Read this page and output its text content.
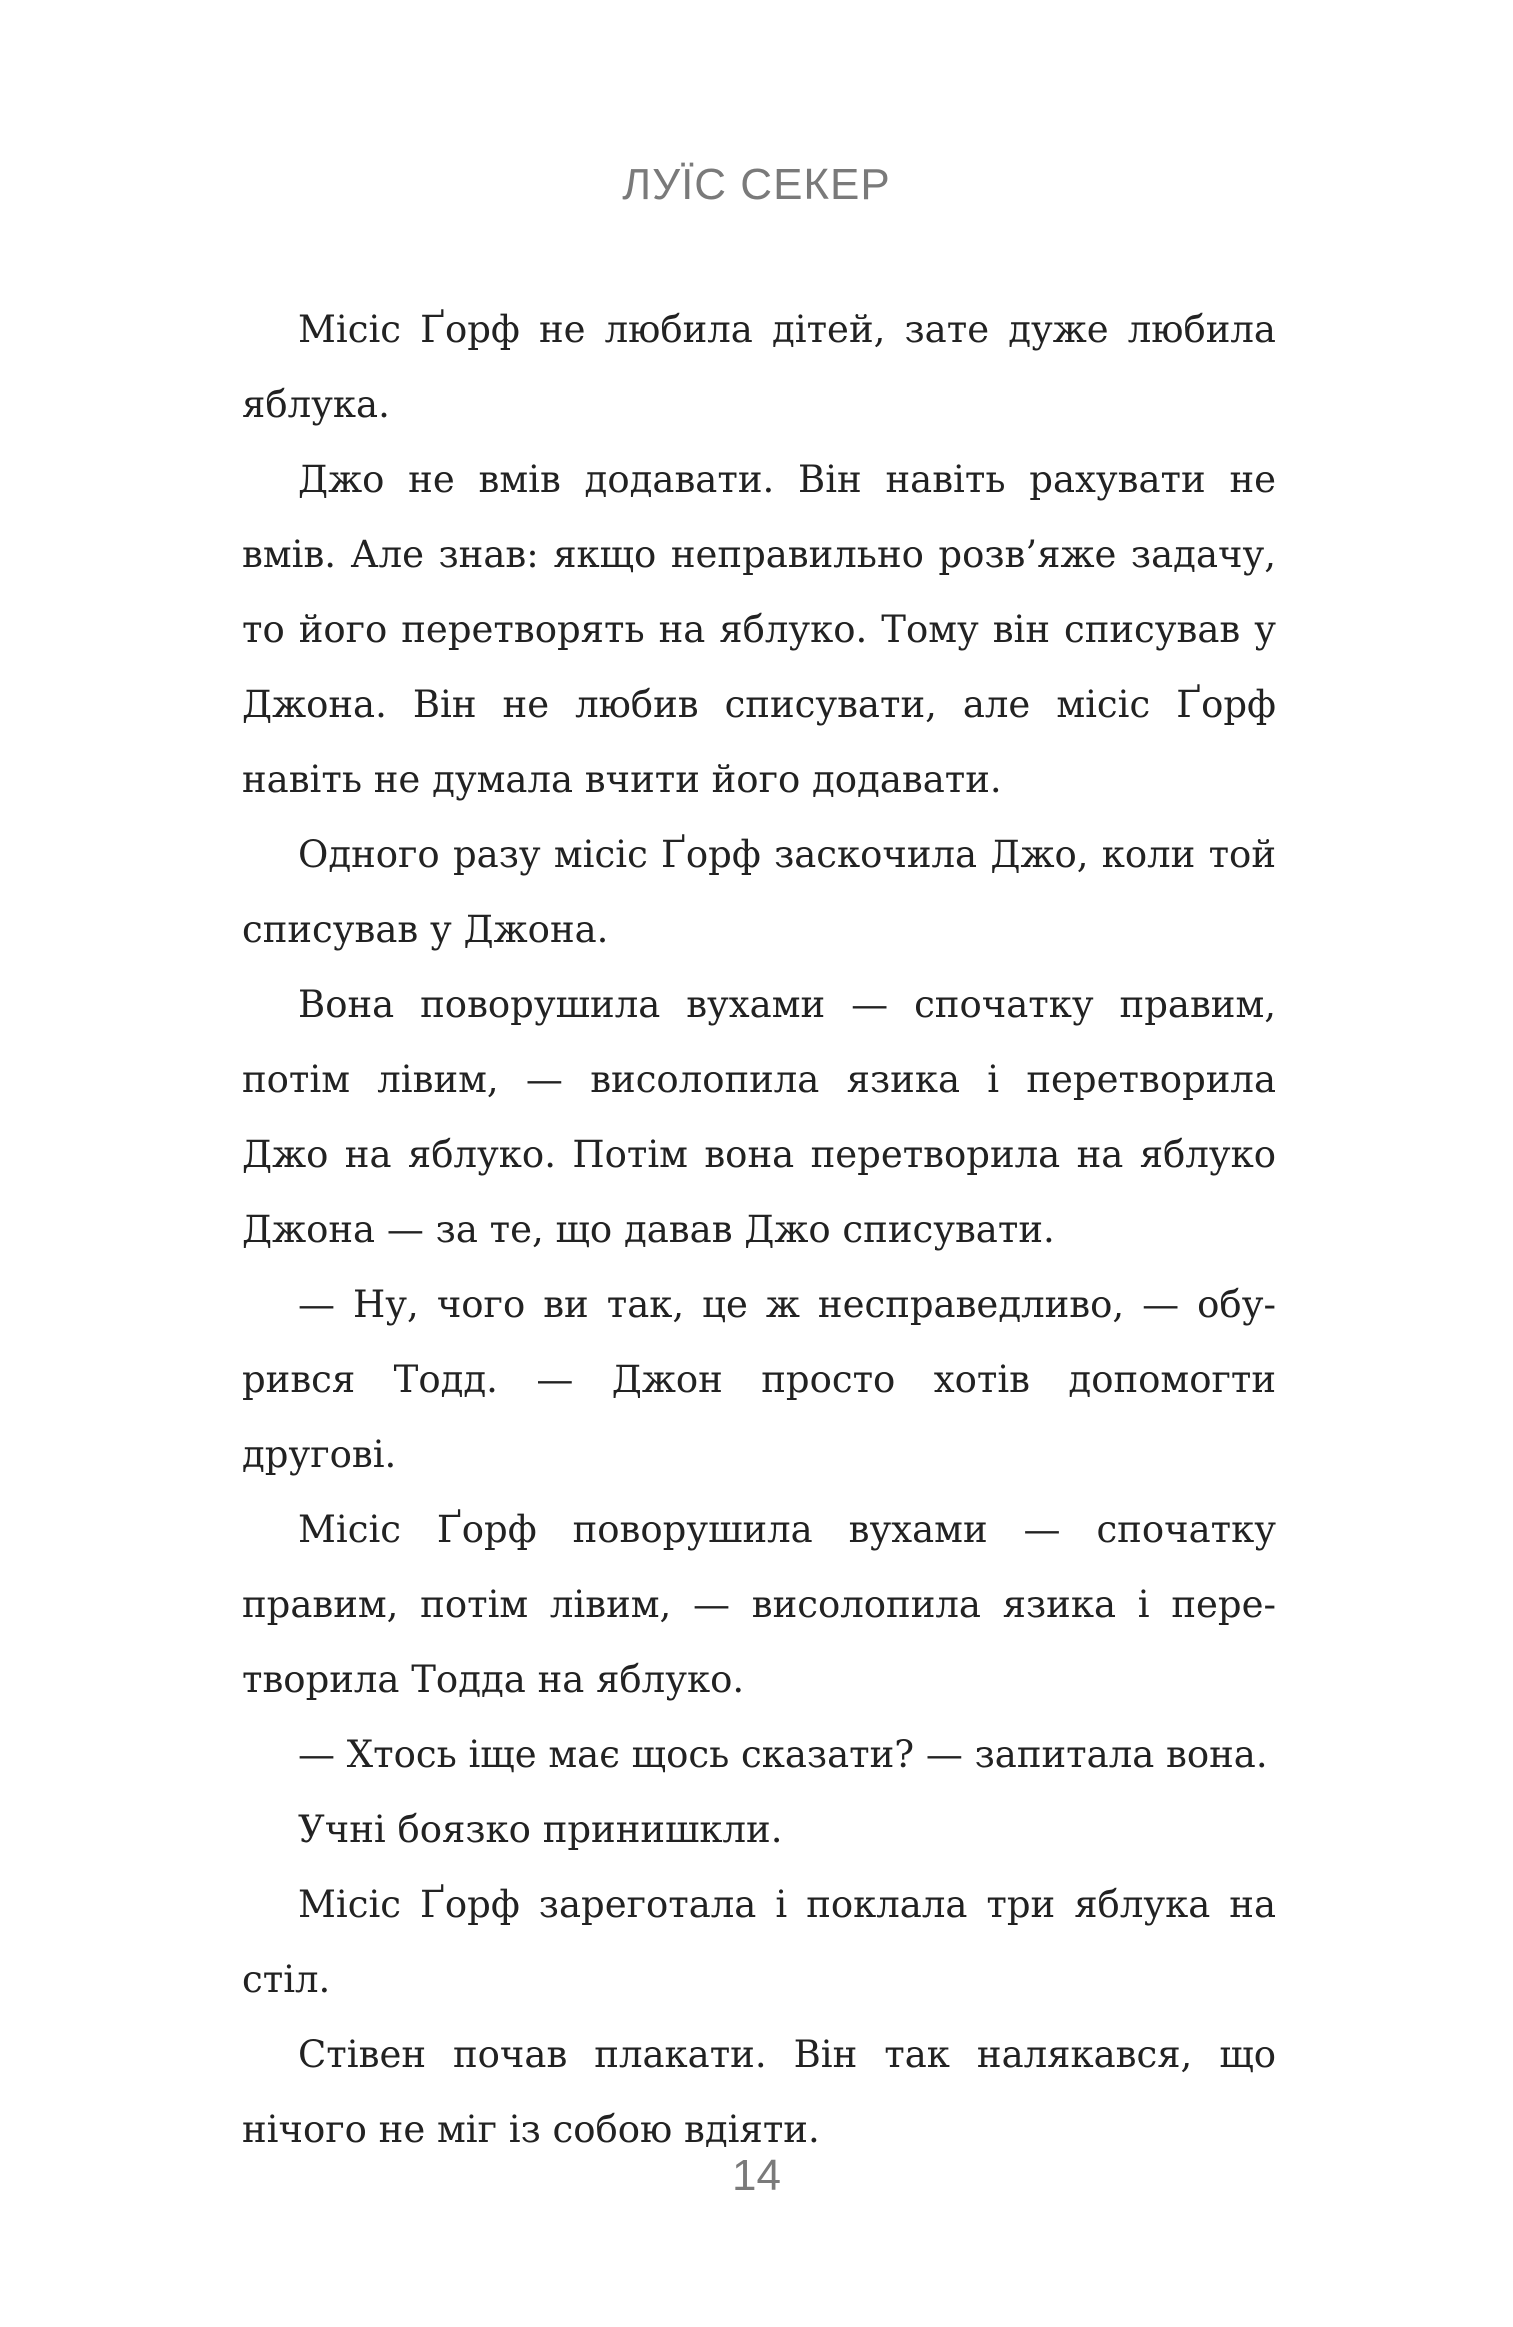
ЛУЇС СЕКЕР

Місіс Ґорф не любила дітей, зате дуже любила яблука.

Джо не вмів додавати. Він навіть рахувати не вмів. Але знав: якщо неправильно розв’яже задачу, то його перетворять на яблуко. Тому він списував у Джона. Він не любив списувати, але місіс Ґорф навіть не думала вчити його додавати.

Одного разу місіс Ґорф заскочила Джо, коли той списував у Джона.

Вона поворушила вухами — спочатку правим, потім лівим, — висолопила язика і перетворила Джо на яблуко. Потім вона перетворила на яблуко Джона — за те, що давав Джо списувати.

— Ну, чого ви так, це ж несправедливо, — обурився Тодд. — Джон просто хотів допомогти другові.

Місіс Ґорф поворушила вухами — спочатку правим, потім лівим, — висолопила язика і перетворила Тодда на яблуко.

— Хтось іще має щось сказати? — запитала вона.

Учні боязко принишкли.

Місіс Ґорф зареготала і поклала три яблука на стіл.

Стівен почав плакати. Він так налякався, що нічого не міг із собою вдіяти.

14
